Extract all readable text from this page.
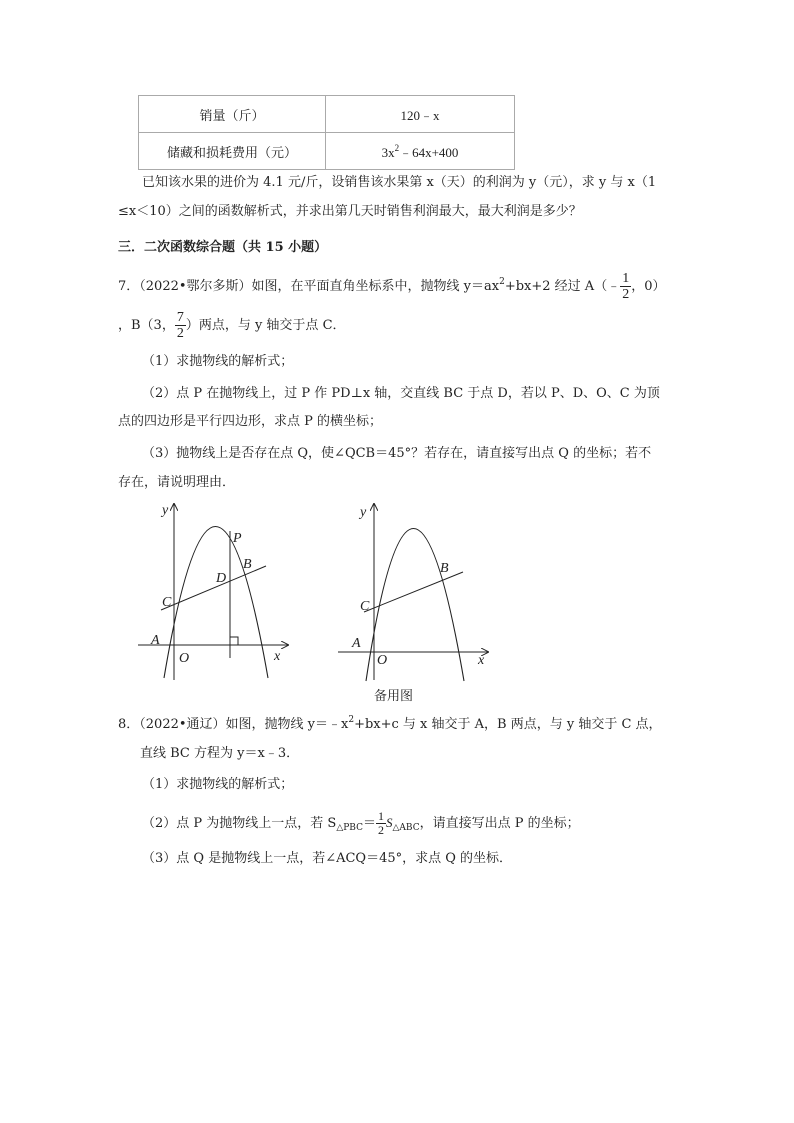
销量（斤）	120﹣x
储藏和损耗费用（元）	$3x^2﹣64x+400$
已知该水果的进价为 4.1 元/斤，设销售该水果第 x（天）的利润为 y（元），求 y 与 x（1
≤x＜10）之间的函数解析式，并求出第几天时销售利润最大，最大利润是多少？
三．二次函数综合题（共 15 小题）
7．（2022•鄂尔多斯）如图，在平面直角坐标系中，抛物线 $y=ax^2+bx+2$ 经过 A（﹣ $\frac{1}{2}$ ，0）
，B（3， $\frac{7}{2}$ ）两点，与 y 轴交于点 C．
（1）求抛物线的解析式；
（2）点 P 在抛物线上，过 P 作 PD⊥x 轴，交直线 BC 于点 D，若以 P、D、O、C 为顶
点的四边形是平行四边形，求点 P 的横坐标；
（3）抛物线上是否存在点 Q，使∠QCB＝45°？若存在，请直接写出点 Q 的坐标；若不
存在，请说明理由．
y
x
O
A
C
D
B
P
y
x
O
A
C
B
备用图
8．（2022•通辽）如图，抛物线 $y=﹣x^2+bx+c$ 与 x 轴交于 A，B 两点，与 y 轴交于 C 点，
直线 BC 方程为 y＝x﹣3．
（1）求抛物线的解析式；
（2）点 P 为抛物线上一点，若 $S_{\triangle PBC}= \frac{1}{2} S_{\triangle ABC}$，请直接写出点 P 的坐标；
（3）点 Q 是抛物线上一点，若∠ACQ＝45°，求点 Q 的坐标．
